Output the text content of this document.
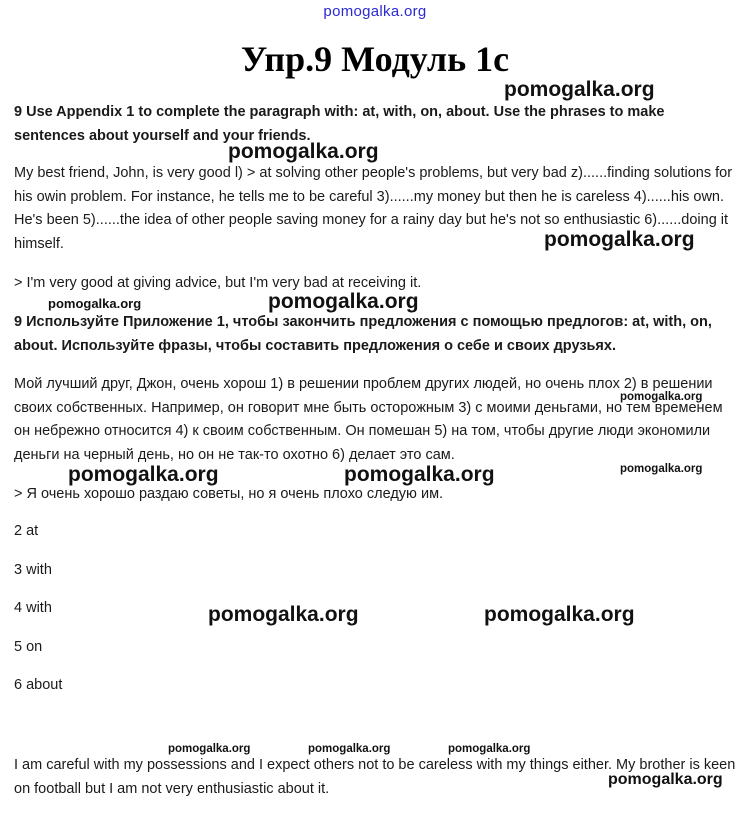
pomogalka.org
Упр.9 Модуль 1с
9 Use Appendix 1 to complete the paragraph with: at, with, on, about. Use the phrases to make sentences about yourself and your friends.
My best friend, John, is very good l) > at solving other people's problems, but very bad z)......finding solutions for his owin problem. For instance, he tells me to be careful 3)......my money but then he is careless 4)......his own. He's been 5)......the idea of other people saving money for a rainy day but he's not so enthusiastic 6)......doing it himself.
> I'm very good at giving advice, but I'm very bad at receiving it.
9 Используйте Приложение 1, чтобы закончить предложения с помощью предлогов: at, with, on, about. Используйте фразы, чтобы составить предложения о себе и своих друзьях.
Мой лучший друг, Джон, очень хорош 1) в решении проблем других людей, но очень плох 2) в решении своих собственных. Например, он говорит мне быть осторожным 3) с моими деньгами, но тем временем он небрежно относится 4) к своим собственным. Он помешан 5) на том, чтобы другие люди экономили деньги на черный день, но он не так-то охотно 6) делает это сам.
> Я очень хорошо раздаю советы, но я очень плохо следую им.
2 at
3 with
4 with
5 on
6 about
I am careful with my possessions and I expect others not to be careless with my things either. My brother is keen on football but I am not very enthusiastic about it.
pomogalka.org
pomogalka.org
pomogalka.org
pomogalka.org	pomogalka.org
pomogalka.org
pomogalka.org
pomogalka.org	pomogalka.org
pomogalka.org	pomogalka.org
pomogalka.org	pomogalka.org	pomogalka.org
pomogalka.org
